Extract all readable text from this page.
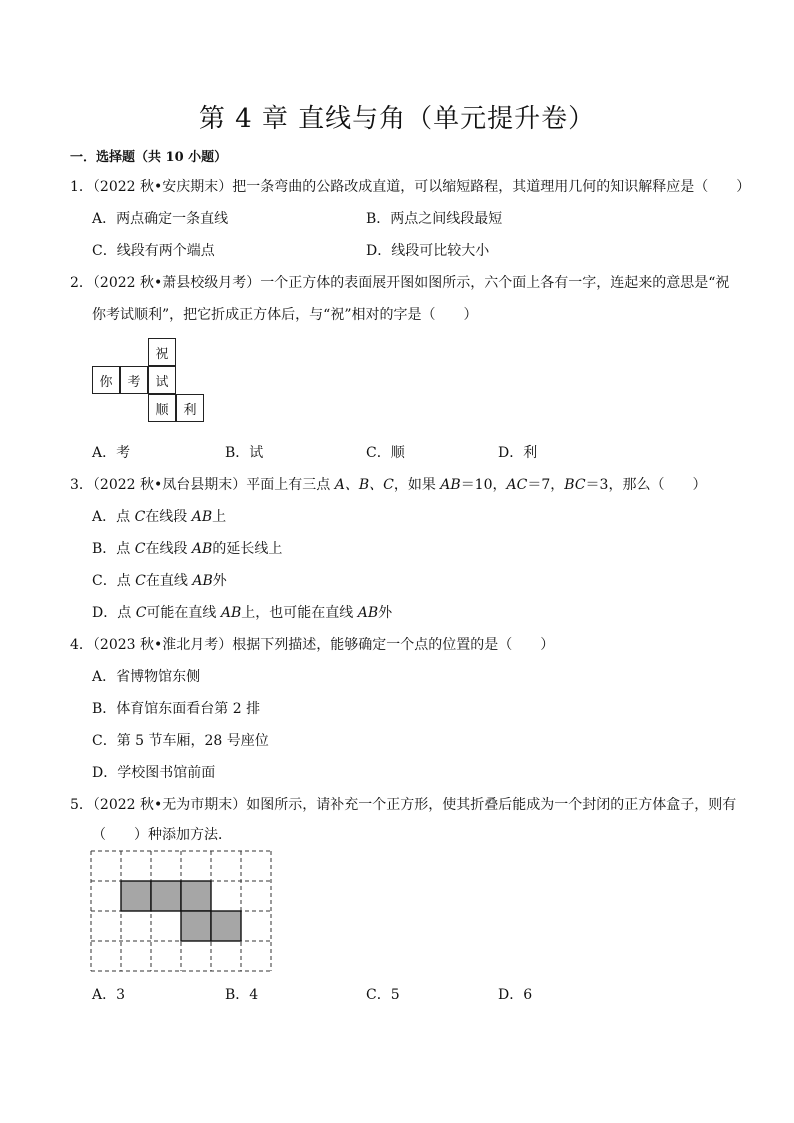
第 4 章 直线与角（单元提升卷）
一．选择题（共 10 小题）
1．（2022 秋•安庆期末）把一条弯曲的公路改成直道，可以缩短路程，其道理用几何的知识解释应是（　　）
A．两点确定一条直线	B．两点之间线段最短
C．线段有两个端点	D．线段可比较大小
2．（2022 秋•萧县校级月考）一个正方体的表面展开图如图所示，六个面上各有一字，连起来的意思是“祝
你考试顺利”，把它折成正方体后，与“祝”相对的字是（　　）
祝
你	考	试
顺	利
A．考	B．试	C．顺	D．利
3．（2022 秋•凤台县期末）平面上有三点 A、B、C，如果 AB＝10，AC＝7，BC＝3，那么（　　）
A．点 C在线段 AB上
B．点 C在线段 AB的延长线上
C．点 C在直线 AB外
D．点 C可能在直线 AB上，也可能在直线 AB外
4．（2023 秋•淮北月考）根据下列描述，能够确定一个点的位置的是（　　）
A．省博物馆东侧
B．体育馆东面看台第 2 排
C．第 5 节车厢，28 号座位
D．学校图书馆前面
5．（2022 秋•无为市期末）如图所示，请补充一个正方形，使其折叠后能成为一个封闭的正方体盒子，则有
（　　）种添加方法．
A．3	B．4	C．5	D．6
